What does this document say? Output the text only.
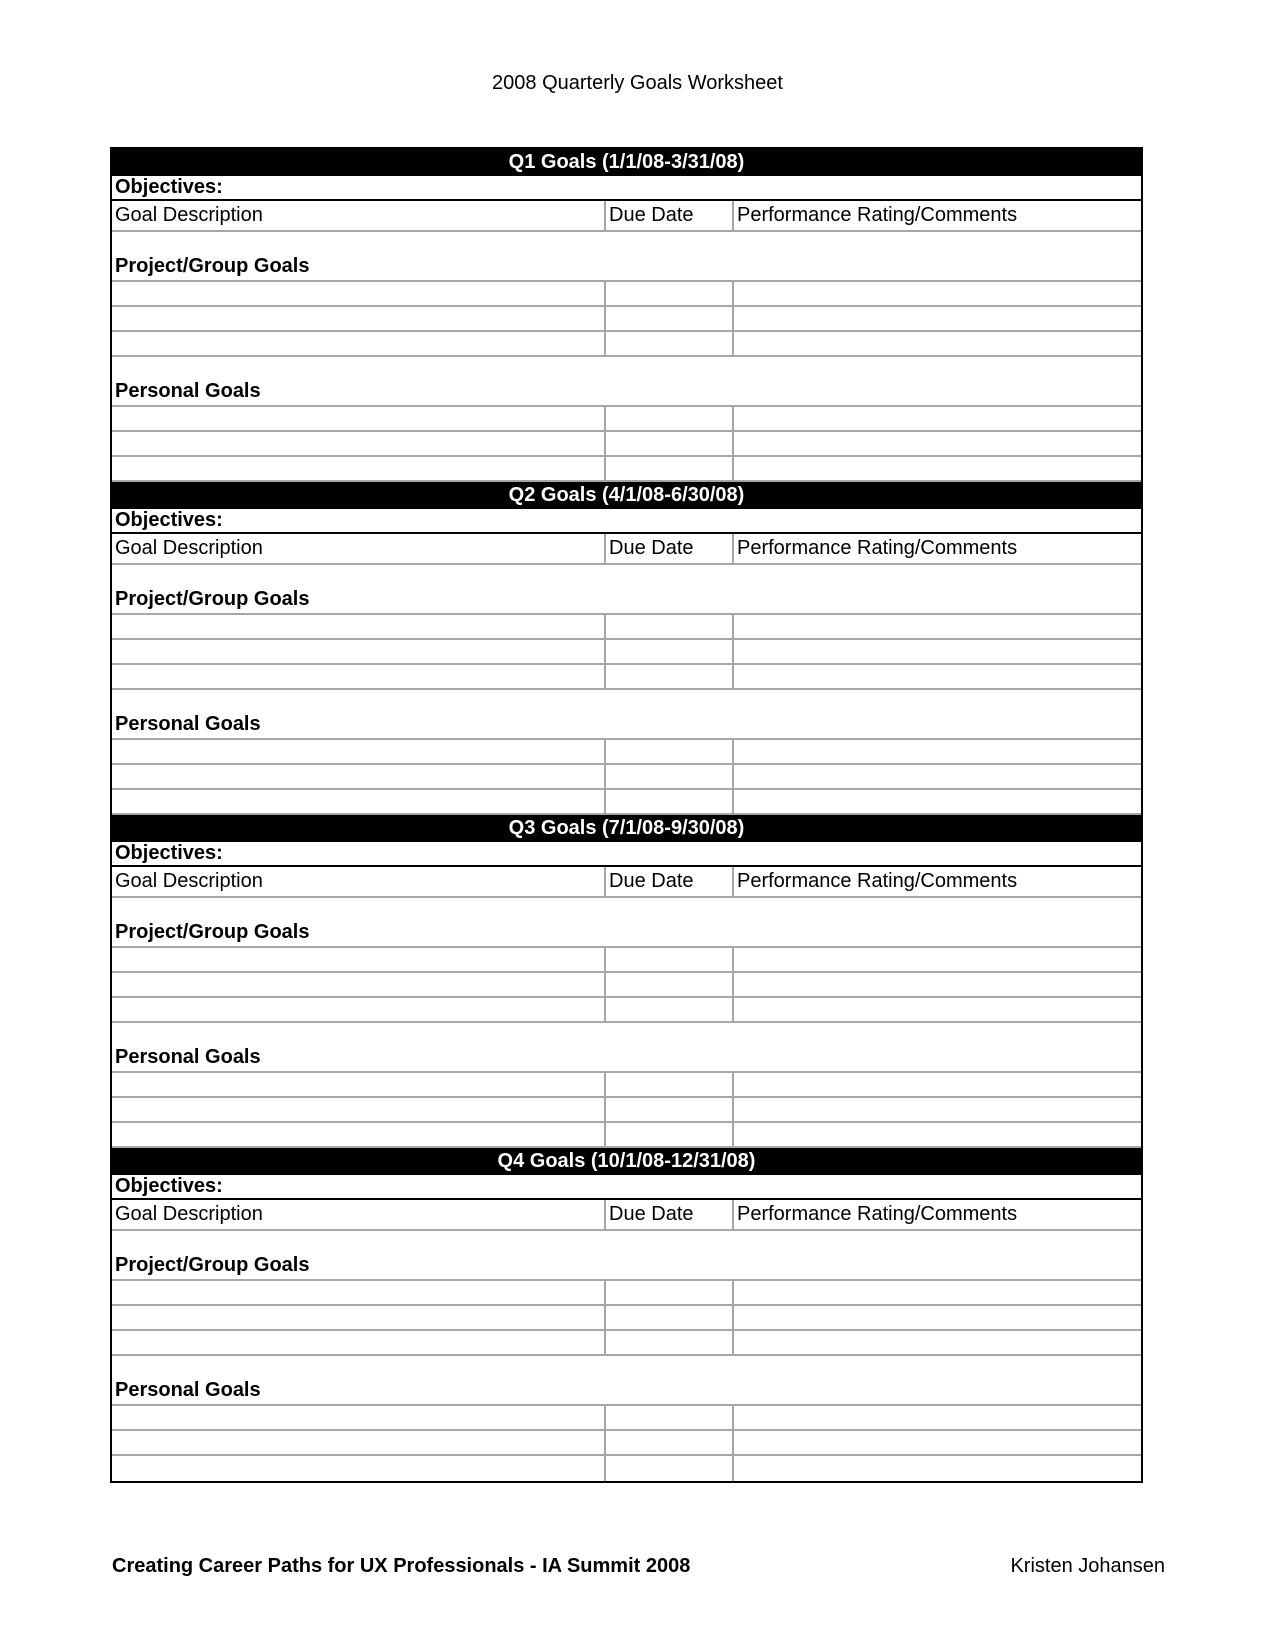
2008 Quarterly Goals Worksheet
Q1 Goals (1/1/08-3/31/08)
Objectives:
Goal Description	Due Date	Performance Rating/Comments
Project/Group Goals
Personal Goals
Q2 Goals (4/1/08-6/30/08)
Objectives:
Goal Description	Due Date	Performance Rating/Comments
Project/Group Goals
Personal Goals
Q3 Goals (7/1/08-9/30/08)
Objectives:
Goal Description	Due Date	Performance Rating/Comments
Project/Group Goals
Personal Goals
Q4 Goals (10/1/08-12/31/08)
Objectives:
Goal Description	Due Date	Performance Rating/Comments
Project/Group Goals
Personal Goals
Creating Career Paths for UX Professionals - IA Summit 2008	Kristen Johansen
